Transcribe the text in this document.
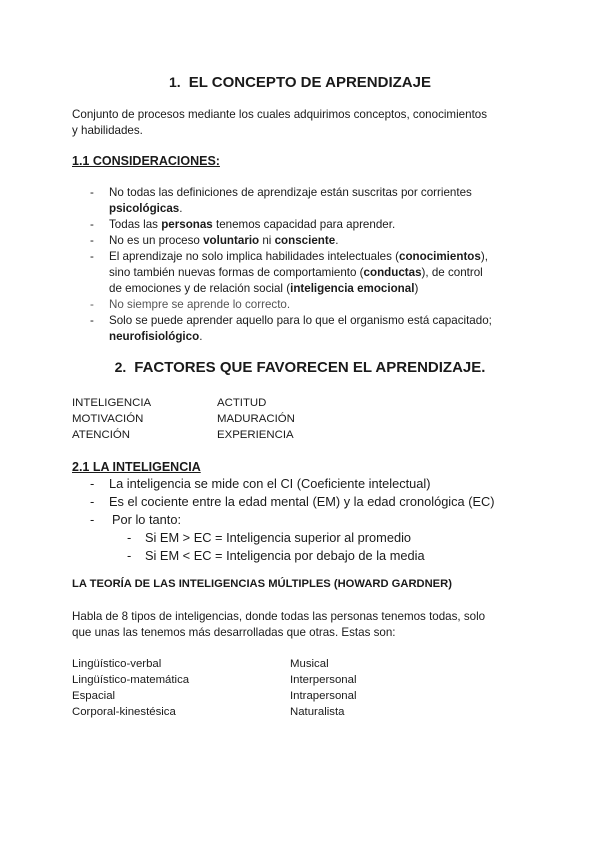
1. EL CONCEPTO DE APRENDIZAJE
Conjunto de procesos mediante los cuales adquirimos conceptos, conocimientos
y habilidades.
1.1 CONSIDERACIONES:
- No todas las definiciones de aprendizaje están suscritas por corrientes
psicológicas.
- Todas las personas tenemos capacidad para aprender.
- No es un proceso voluntario ni consciente.
- El aprendizaje no solo implica habilidades intelectuales (conocimientos),
sino también nuevas formas de comportamiento (conductas), de control
de emociones y de relación social (inteligencia emocional)
- No siempre se aprende lo correcto.
- Solo se puede aprender aquello para lo que el organismo está capacitado;
neurofisiológico.
2. FACTORES QUE FAVORECEN EL APRENDIZAJE.
INTELIGENCIA
MOTIVACIÓN
ATENCIÓN
ACTITUD
MADURACIÓN
EXPERIENCIA
2.1 LA INTELIGENCIA
- La inteligencia se mide con el CI (Coeficiente intelectual)
- Es el cociente entre la edad mental (EM) y la edad cronológica (EC)
- Por lo tanto:
- Si EM > EC = Inteligencia superior al promedio
- Si EM < EC = Inteligencia por debajo de la media
LA TEORÍA DE LAS INTELIGENCIAS MÚLTIPLES (HOWARD GARDNER)
Habla de 8 tipos de inteligencias, donde todas las personas tenemos todas, solo
que unas las tenemos más desarrolladas que otras. Estas son:
Lingüístico-verbal
Lingüístico-matemática
Espacial
Corporal-kinestésica
Musical
Interpersonal
Intrapersonal
Naturalista
